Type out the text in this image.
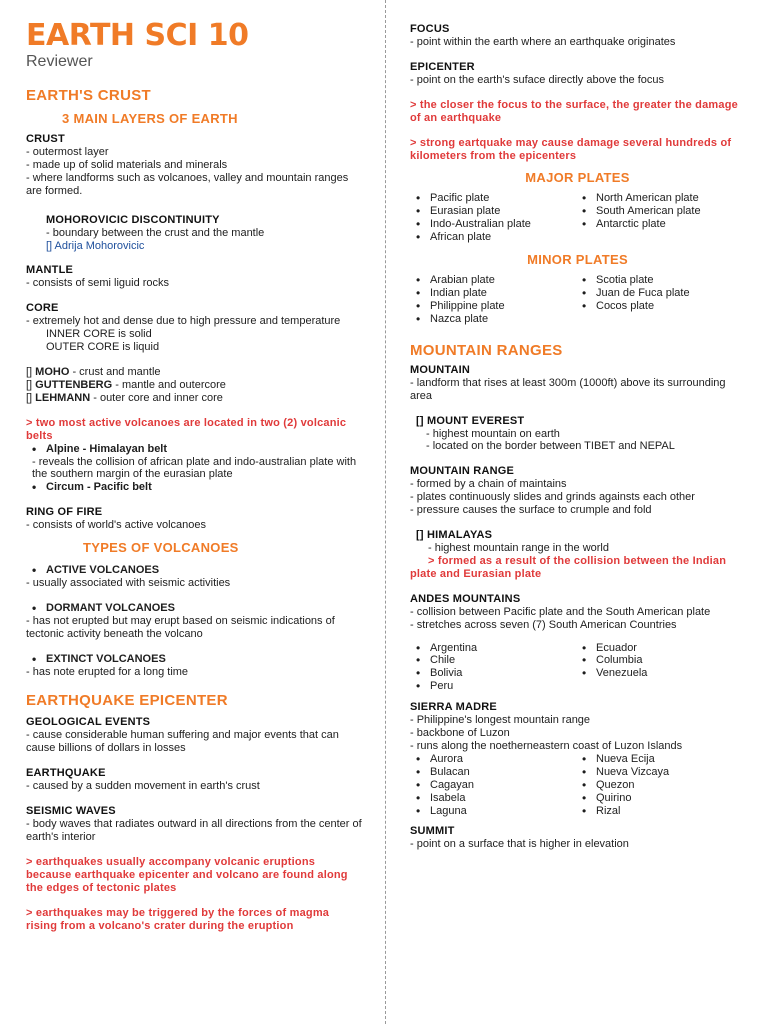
EARTH SCI 10
Reviewer
EARTH'S CRUST
3 MAIN LAYERS OF EARTH
CRUST
- outermost layer
- made up of solid materials and minerals
- where landforms such as volcanoes, valley and mountain ranges are formed.
MOHOROVICIC DISCONTINUITY
- boundary between the crust and the mantle
[] Adrija Mohorovicic
MANTLE
- consists of semi liguid rocks
CORE
- extremely hot and dense due to high pressure and temperature
INNER CORE is solid
OUTER CORE is liquid
[] MOHO - crust and mantle
[] GUTTENBERG - mantle and outercore
[] LEHMANN - outer core and inner core
> two most active volcanoes are located in two (2) volcanic belts
• Alpine - Himalayan belt
- reveals the collision of african plate and indo-australian plate with the southern margin of the eurasian plate
• Circum - Pacific belt
RING OF FIRE
- consists of world's active volcanoes
TYPES OF VOLCANOES
• ACTIVE VOLCANOES
- usually associated with seismic activities
• DORMANT VOLCANOES
- has not erupted but may erupt based on seismic indications of tectonic activity beneath the volcano
• EXTINCT VOLCANOES
- has note erupted for a long time
EARTHQUAKE EPICENTER
GEOLOGICAL EVENTS
- cause considerable human suffering and major events that can cause billions of dollars in losses
EARTHQUAKE
- caused by a sudden movement in earth's crust
SEISMIC WAVES
- body waves that radiates outward in all directions from the center of earth's interior
> earthquakes usually accompany volcanic eruptions because earthquake epicenter and volcano are found along the edges of tectonic plates
> earthquakes may be triggered by the forces of magma rising from a volcano's crater during the eruption
FOCUS
- point within the earth where an earthquake originates
EPICENTER
- point on the earth's suface directly above the focus
> the closer the focus to the surface, the greater the damage of an earthquake
> strong eartquake may cause damage several hundreds of kilometers from the epicenters
MAJOR PLATES
• Pacific plate
• Eurasian plate
• Indo-Australian plate
• African plate
• North American plate
• South American plate
• Antarctic plate
MINOR PLATES
• Arabian plate
• Indian plate
• Philippine plate
• Nazca plate
• Scotia plate
• Juan de Fuca plate
• Cocos plate
MOUNTAIN RANGES
MOUNTAIN
- landform that rises at least 300m (1000ft) above its surrounding area
[] MOUNT EVEREST
- highest mountain on earth
- located on the border between TIBET and NEPAL
MOUNTAIN RANGE
- formed by a chain of maintains
- plates continuously slides and grinds againsts each other
- pressure causes the surface to crumple and fold
[] HIMALAYAS
- highest mountain range in the world
> formed as a result of the collision between the Indian plate and Eurasian plate
ANDES MOUNTAINS
- collision between Pacific plate and the South American plate
- stretches across seven (7) South American Countries
• Argentina
• Chile
• Bolivia
• Peru
• Ecuador
• Columbia
• Venezuela
SIERRA MADRE
- Philippine's longest mountain range
- backbone of Luzon
- runs along the noetherneastern coast of Luzon Islands
• Aurora
• Bulacan
• Cagayan
• Isabela
• Laguna
• Nueva Ecija
• Nueva Vizcaya
• Quezon
• Quirino
• Rizal
SUMMIT
- point on a surface that is higher in elevation
